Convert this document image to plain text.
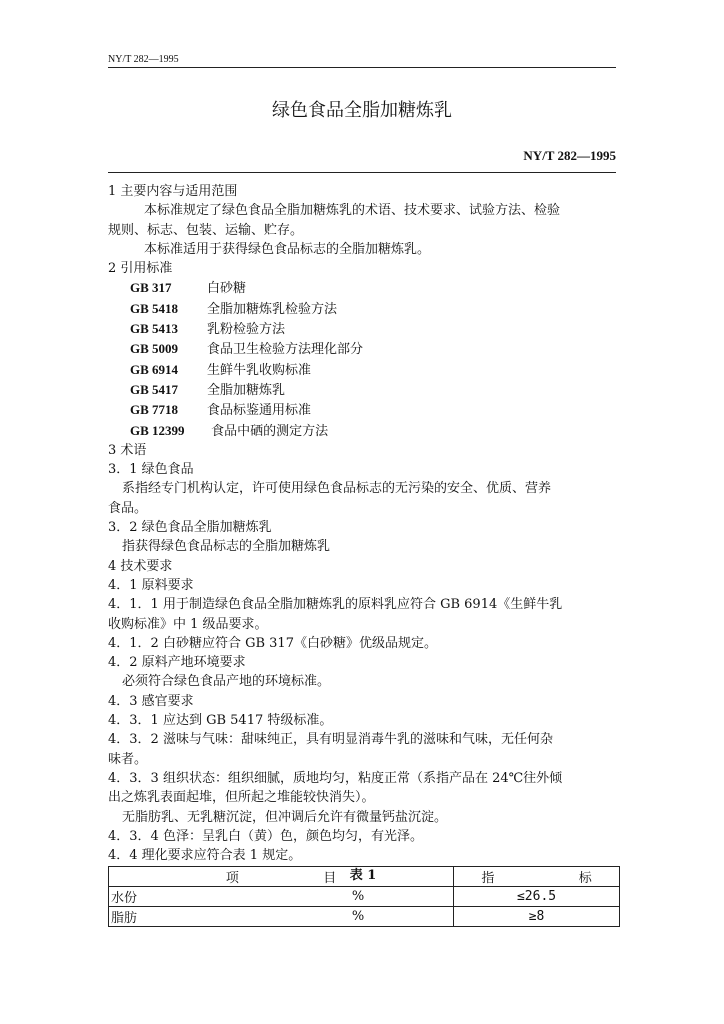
NY/T 282—1995
绿色食品全脂加糖炼乳
NY/T 282—1995
1 主要内容与适用范围
本标准规定了绿色食品全脂加糖炼乳的术语、技术要求、试验方法、检验
规则、标志、包装、运输、贮存。
本标准适用于获得绿色食品标志的全脂加糖炼乳。
2 引用标准
GB 317	白砂糖
GB 5418 全脂加糖炼乳检验方法
GB 5413 乳粉检验方法
GB 5009 食品卫生检验方法理化部分
GB 6914 生鲜牛乳收购标准
GB 5417 全脂加糖炼乳
GB 7718 食品标鉴通用标准
GB 12399 食品中硒的测定方法
3 术语
3．1 绿色食品
系指经专门机构认定，许可使用绿色食品标志的无污染的安全、优质、营养
食品。
3．2 绿色食品全脂加糖炼乳
指获得绿色食品标志的全脂加糖炼乳
4 技术要求
4．1 原料要求
4．1．1 用于制造绿色食品全脂加糖炼乳的原料乳应符合 GB 6914《生鲜牛乳
收购标准》中 1 级品要求。
4．1．2 白砂糖应符合 GB 317《白砂糖》优级品规定。
4．2 原料产地环境要求
必须符合绿色食品产地的环境标准。
4．3 感官要求
4．3．1 应达到 GB 5417 特级标准。
4．3．2 滋味与气味：甜味纯正，具有明显消毒牛乳的滋味和气味，无任何杂
味者。
4．3．3 组织状态：组织细腻，质地均匀，粘度正常（系指产品在 24℃往外倾
出之炼乳表面起堆，但所起之堆能较快消失）。
无脂肪乳、无乳糖沉淀，但冲调后允许有微量钙盐沉淀。
4．3．4 色泽：呈乳白（黄）色，颜色均匀，有光泽。
4．4 理化要求应符合表 1 规定。
表 1
项 目		指 标
水份	%	≤26.5
脂肪	%	≥8
